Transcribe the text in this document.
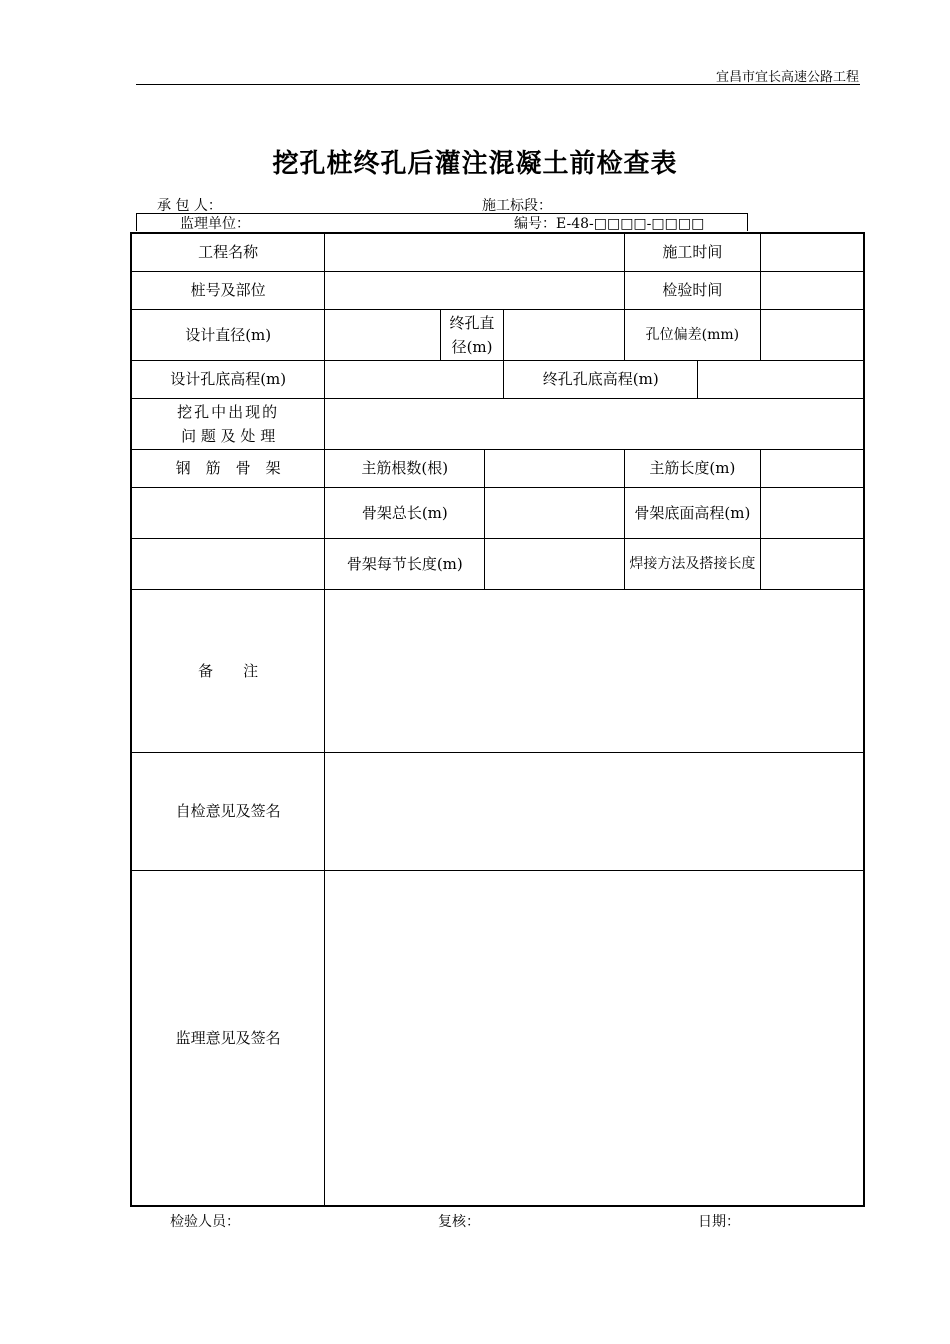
宜昌市宜长高速公路工程
挖孔桩终孔后灌注混凝土前检查表
承 包 人：	施工标段：
监理单位：	编号：E-48-□□□□-□□□□
工程名称					施工时间		
桩号及部位					检验时间		
设计直径(m)		终孔直径(m)			孔位偏差(mm)		
设计孔底高程(m)				终孔孔底高程(m)			

挖孔中出现的
问 题 及 处 理							

钢　筋　骨　架	主筋根数(根)				主筋长度(m)		
	骨架总长(m)				骨架底面高程(m)		
	骨架每节长度(m)				焊接方法及搭接长度		
备　　注							
自检意见及签名							
监理意见及签名							
检验人员：	复核：	日期：
